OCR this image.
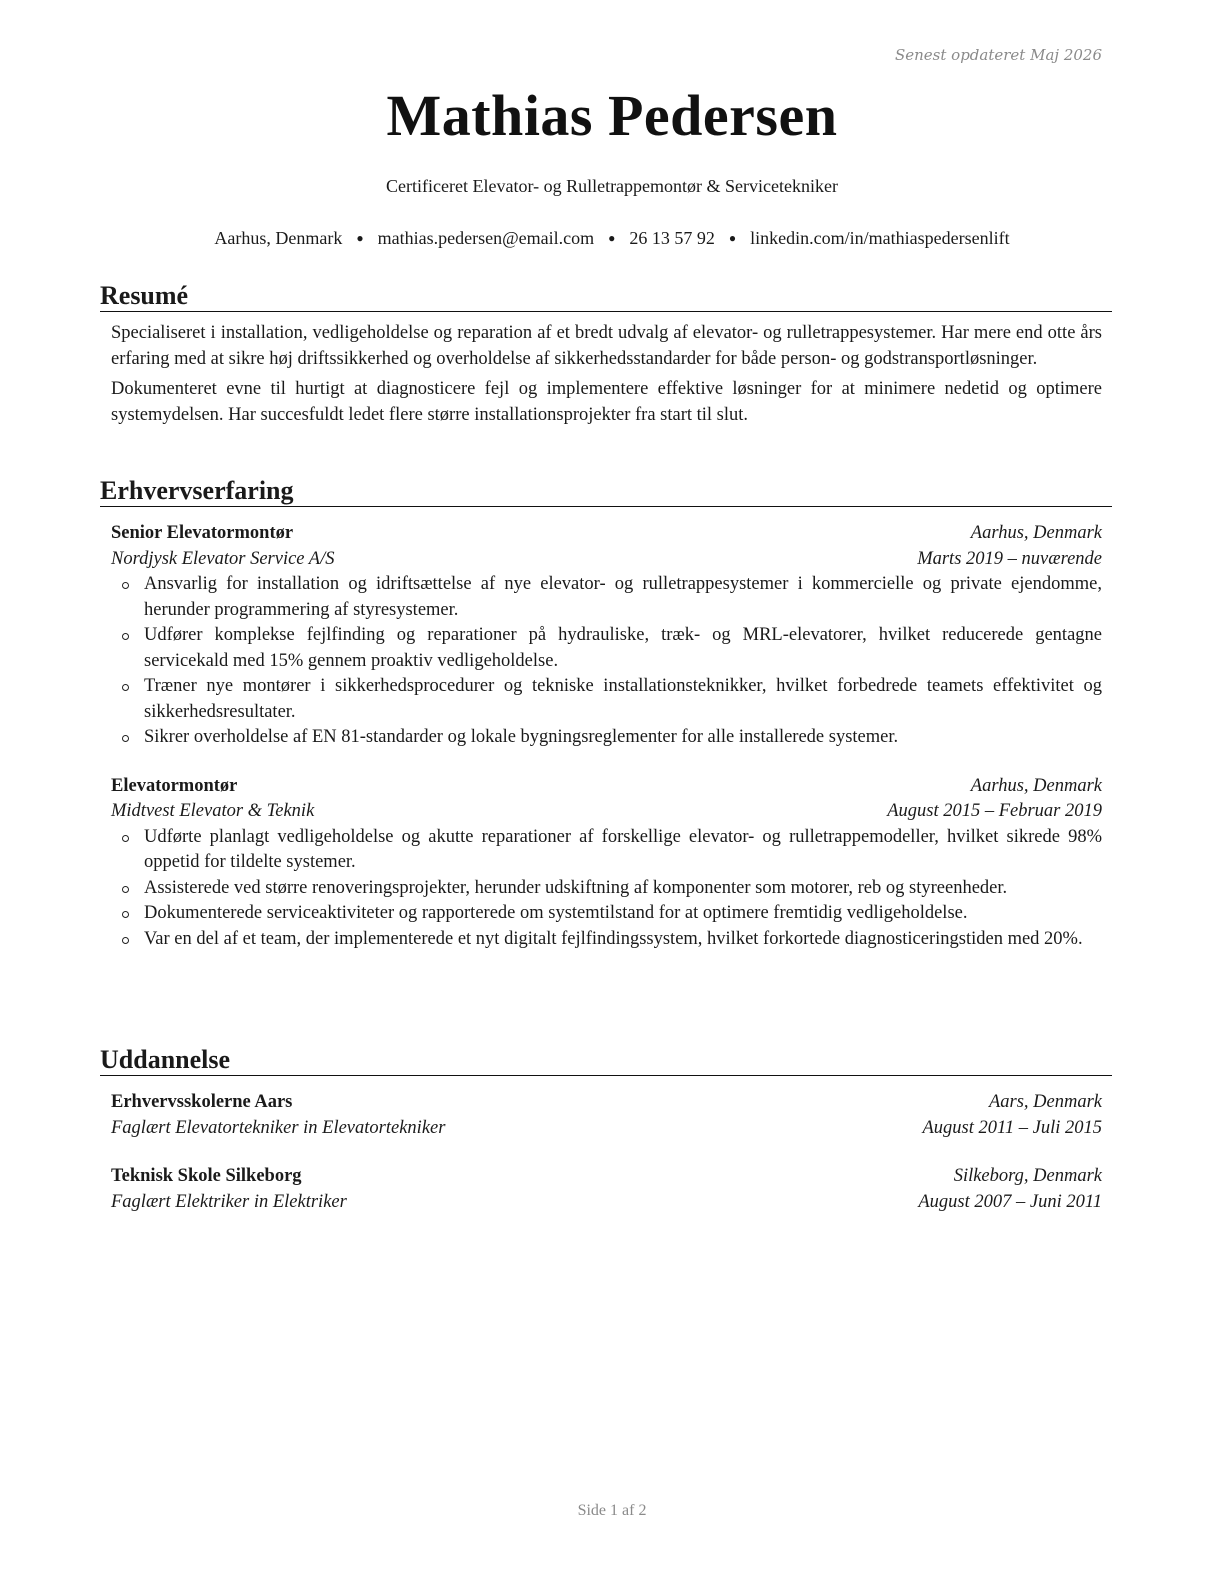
Senest opdateret Maj 2026
Mathias Pedersen
Certificeret Elevator- og Rulletrappemontør & Servicetekniker
Aarhus, Denmark ● mathias.pedersen@email.com ● 26 13 57 92 ● linkedin.com/in/mathiaspedersenlift
Resumé

Specialiseret i installation, vedligeholdelse og reparation af et bredt udvalg af elevator- og rulletrappesystemer. Har mere end otte års erfaring med at sikre høj driftssikkerhed og overholdelse af sikkerhedsstandarder for både person- og godstransportløsninger.

Dokumenteret evne til hurtigt at diagnosticere fejl og implementere effektive løsninger for at minimere nedetid og optimere systemydelsen. Har succesfuldt ledet flere større installationsprojekter fra start til slut.

Erhvervserfaring
Senior Elevatormontør	Aarhus, Denmark
Nordjysk Elevator Service A/S	Marts 2019 – nuværende
Ansvarlig for installation og idriftsættelse af nye elevator- og rulletrappesystemer i kommercielle og private ejendomme, herunder programmering af styresystemer.
Udfører komplekse fejlfinding og reparationer på hydrauliske, træk- og MRL-elevatorer, hvilket reducerede gentagne servicekald med 15% gennem proaktiv vedligeholdelse.
Træner nye montører i sikkerhedsprocedurer og tekniske installationsteknikker, hvilket forbedrede teamets effektivitet og sikkerhedsresultater.
Sikrer overholdelse af EN 81-standarder og lokale bygningsreglementer for alle installerede systemer.
Elevatormontør	Aarhus, Denmark
Midtvest Elevator & Teknik	August 2015 – Februar 2019
Udførte planlagt vedligeholdelse og akutte reparationer af forskellige elevator- og rulletrappemodeller, hvilket sikrede 98% oppetid for tildelte systemer.
Assisterede ved større renoveringsprojekter, herunder udskiftning af komponenter som motorer, reb og styreenheder.
Dokumenterede serviceaktiviteter og rapporterede om systemtilstand for at optimere fremtidig vedligeholdelse.
Var en del af et team, der implementerede et nyt digitalt fejlfindingssystem, hvilket forkortede diagnosticeringstiden med 20%.
Uddannelse
Erhvervsskolerne Aars	Aars, Denmark
Faglært Elevatortekniker in Elevatortekniker	August 2011 – Juli 2015
Teknisk Skole Silkeborg	Silkeborg, Denmark
Faglært Elektriker in Elektriker	August 2007 – Juni 2011
Side 1 af 2
